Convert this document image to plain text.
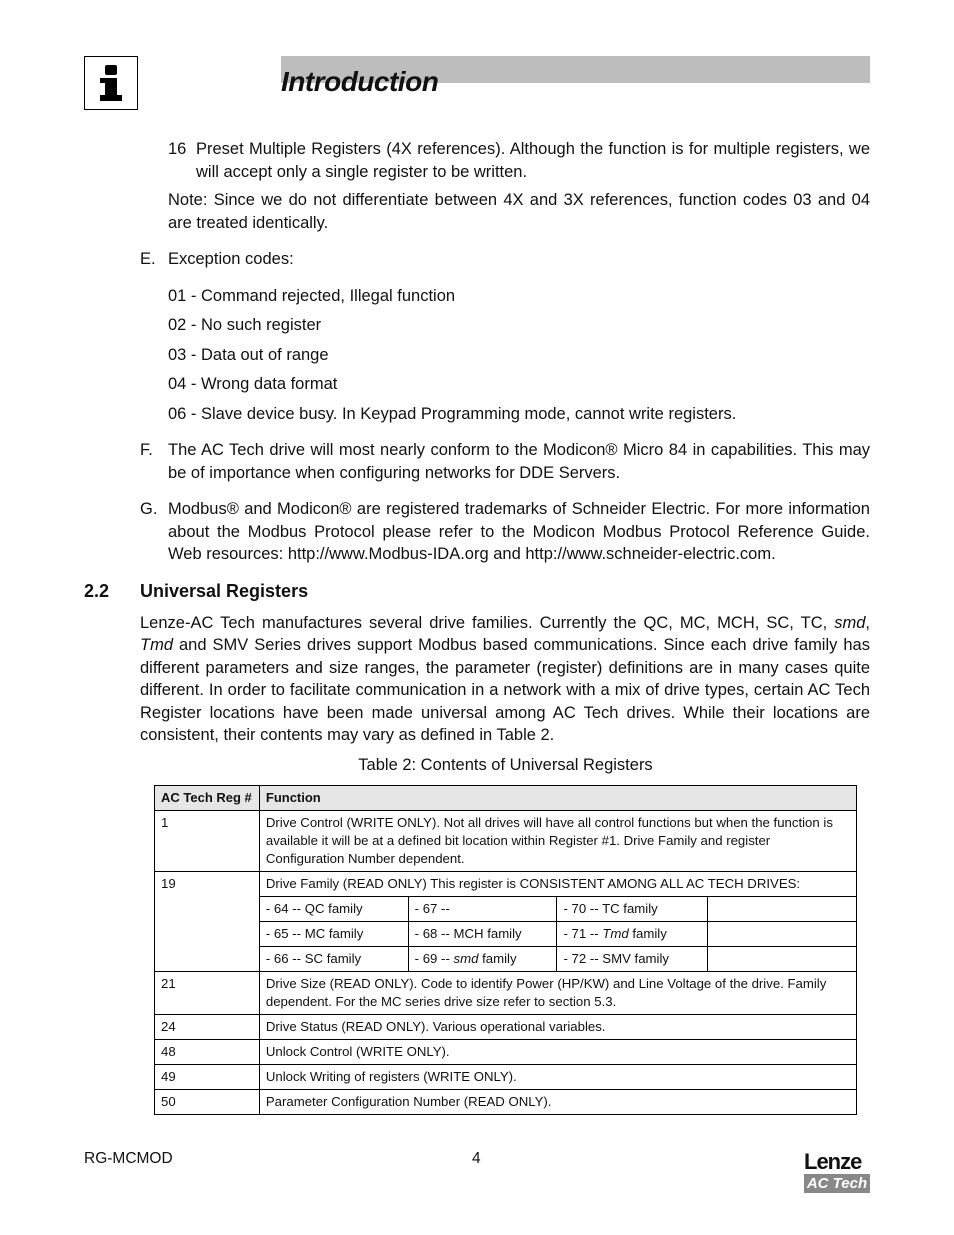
Introduction
16 Preset Multiple Registers (4X references). Although the function is for multiple registers, we will accept only a single register to be written.
Note: Since we do not differentiate between 4X and 3X references, function codes 03 and 04 are treated identically.
E. Exception codes:
01 - Command rejected, Illegal function
02 - No such register
03 - Data out of range
04 - Wrong data format
06 - Slave device busy. In Keypad Programming mode, cannot write registers.
F. The AC Tech drive will most nearly conform to the Modicon® Micro 84 in capabilities. This may be of importance when configuring networks for DDE Servers.
G. Modbus® and Modicon® are registered trademarks of Schneider Electric. For more information about the Modbus Protocol please refer to the Modicon Modbus Protocol Reference Guide. Web resources: http://www.Modbus-IDA.org and http://www.schneider-electric.com.
2.2 Universal Registers
Lenze-AC Tech manufactures several drive families. Currently the QC, MC, MCH, SC, TC, smd, Tmd and SMV Series drives support Modbus based communications. Since each drive family has different parameters and size ranges, the parameter (register) definitions are in many cases quite different. In order to facilitate communication in a network with a mix of drive types, certain AC Tech Register locations have been made universal among AC Tech drives. While their locations are consistent, their contents may vary as defined in Table 2.
Table 2: Contents of Universal Registers
AC Tech Reg #	Function			
1	Drive Control (WRITE ONLY). Not all drives will have all control functions but when the function is available it will be at a defined bit location within Register #1. Drive Family and register Configuration Number dependent.			
19	Drive Family (READ ONLY) This register is CONSISTENT AMONG ALL AC TECH DRIVES:			
	- 64 -- QC family	- 67 --	- 70 -- TC family	
	- 65 -- MC family	- 68 -- MCH family	- 71 -- Tmd family	
	- 66 -- SC family	- 69 -- smd family	- 72 -- SMV family	
21	Drive Size (READ ONLY). Code to identify Power (HP/KW) and Line Voltage of the drive. Family dependent. For the MC series drive size refer to section 5.3.			
24	Drive Status (READ ONLY). Various operational variables.			
48	Unlock Control (WRITE ONLY).			
49	Unlock Writing of registers (WRITE ONLY).			
50	Parameter Configuration Number (READ ONLY).			
RG-MCMOD	4	Lenze
AC Tech
